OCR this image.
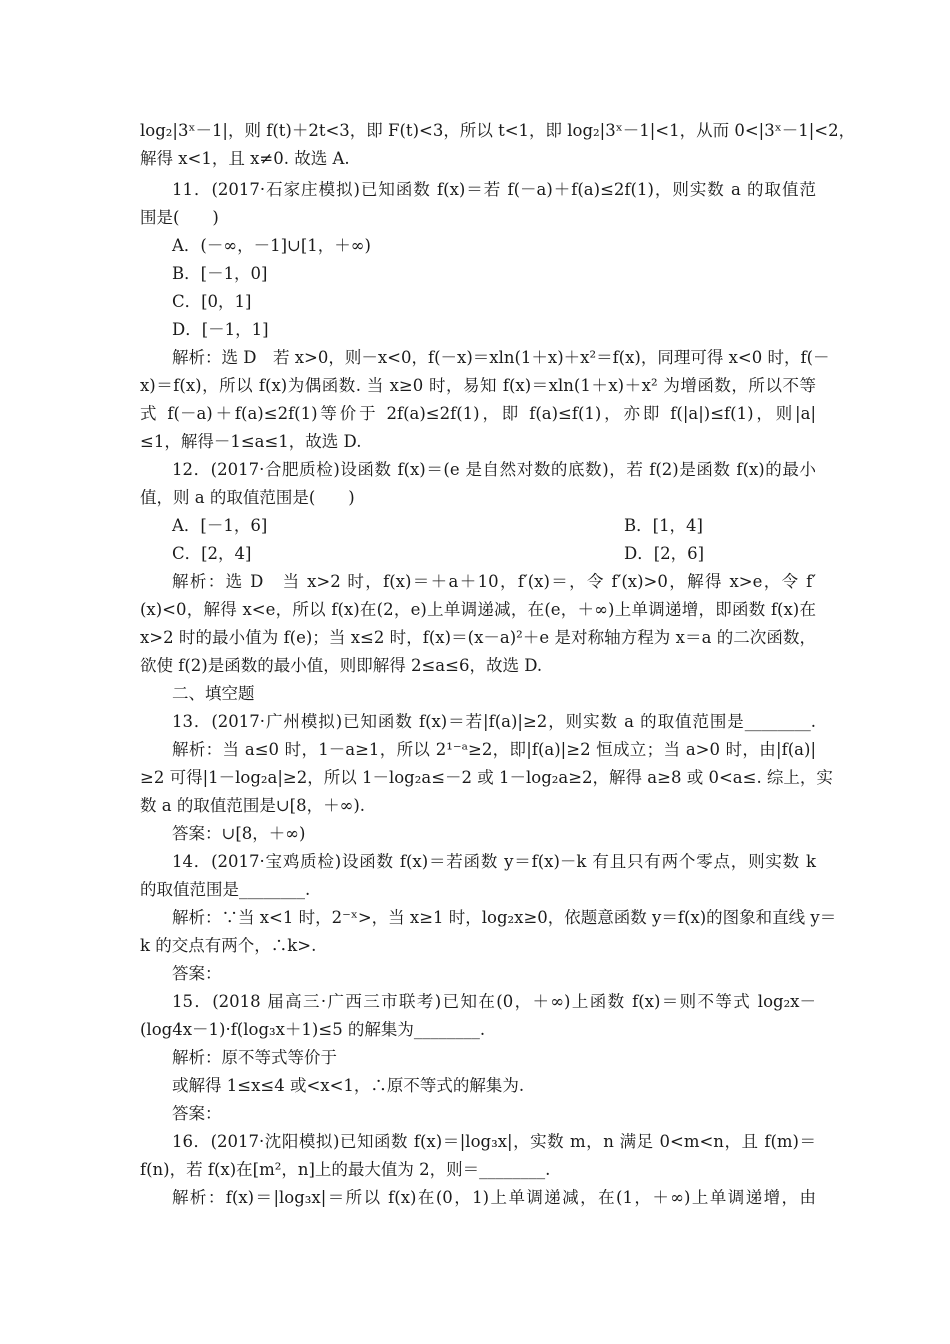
log₂|3ˣ－1|，则 f(t)＋2t<3，即 F(t)<3，所以 t<1，即 log₂|3ˣ－1|<1，从而 0<|3ˣ－1|<2，
解得 x<1，且 x≠0. 故选 A.
11．(2017·石家庄模拟)已知函数 f(x)＝若 f(－a)＋f(a)≤2f(1)，则实数 a 的取值范
围是(　　)
A．(－∞，－1]∪[1，＋∞)
B．[－1，0]
C．[0，1]
D．[－1，1]
解析：选 D　若 x>0，则－x<0，f(－x)＝xln(1＋x)＋x²＝f(x)，同理可得 x<0 时，f(－
x)＝f(x)，所以 f(x)为偶函数. 当 x≥0 时，易知 f(x)＝xln(1＋x)＋x² 为增函数，所以不等
式 f(－a)＋f(a)≤2f(1)等价于 2f(a)≤2f(1)，即 f(a)≤f(1)，亦即 f(|a|)≤f(1)，则|a|
≤1，解得－1≤a≤1，故选 D.
12．(2017·合肥质检)设函数 f(x)＝(e 是自然对数的底数)，若 f(2)是函数 f(x)的最小
值，则 a 的取值范围是(　　)
A．[－1，6]	B．[1，4]
C．[2，4]	D．[2，6]
解析：选 D　当 x>2 时，f(x)＝＋a＋10，f′(x)＝，令 f′(x)>0，解得 x>e，令 f′
(x)<0，解得 x<e，所以 f(x)在(2，e)上单调递减，在(e，＋∞)上单调递增，即函数 f(x)在
x>2 时的最小值为 f(e)；当 x≤2 时，f(x)＝(x－a)²＋e 是对称轴方程为 x＝a 的二次函数，
欲使 f(2)是函数的最小值，则即解得 2≤a≤6，故选 D.
二、填空题
13．(2017·广州模拟)已知函数 f(x)＝若|f(a)|≥2，则实数 a 的取值范围是________.
解析：当 a≤0 时，1－a≥1，所以 2¹⁻ᵃ≥2，即|f(a)|≥2 恒成立；当 a>0 时，由|f(a)|
≥2 可得|1－log₂a|≥2，所以 1－log₂a≤－2 或 1－log₂a≥2，解得 a≥8 或 0<a≤. 综上，实
数 a 的取值范围是∪[8，＋∞).
答案：∪[8，＋∞)
14．(2017·宝鸡质检)设函数 f(x)＝若函数 y＝f(x)－k 有且只有两个零点，则实数 k
的取值范围是________.
解析：∵当 x<1 时，2⁻ˣ>，当 x≥1 时，log₂x≥0，依题意函数 y＝f(x)的图象和直线 y＝
k 的交点有两个，∴k>.
答案：
15．(2018 届高三·广西三市联考)已知在(0，＋∞)上函数 f(x)＝则不等式 log₂x－
(log4x－1)·f(log₃x＋1)≤5 的解集为________.
解析：原不等式等价于
或解得 1≤x≤4 或<x<1，∴原不等式的解集为.
答案：
16．(2017·沈阳模拟)已知函数 f(x)＝|log₃x|，实数 m，n 满足 0<m<n，且 f(m)＝
f(n)，若 f(x)在[m²，n]上的最大值为 2，则＝________.
解析：f(x)＝|log₃x|＝所以 f(x)在(0，1)上单调递减，在(1，＋∞)上单调递增，由
